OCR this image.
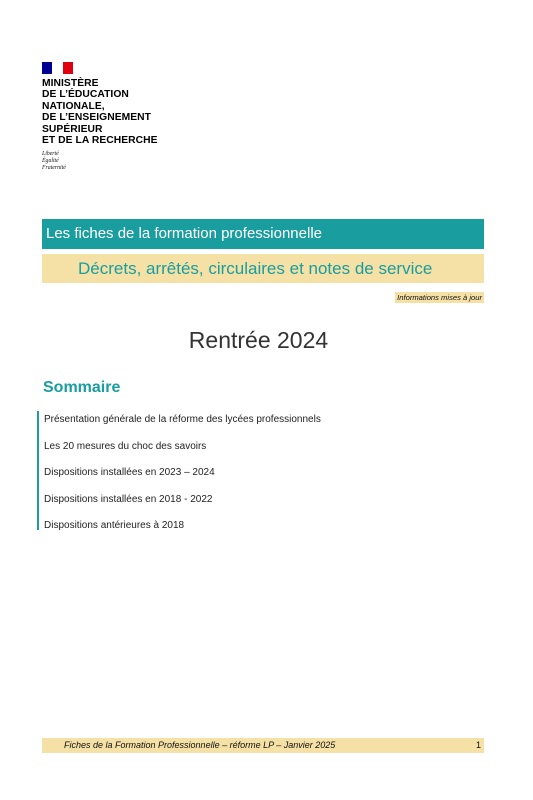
MINISTÈRE
DE L’ÉDUCATION
NATIONALE,
DE L’ENSEIGNEMENT
SUPÉRIEUR
ET DE LA RECHERCHE
Liberté
Égalité
Fraternité
Les fiches de la formation professionnelle
Décrets, arrêtés, circulaires et notes de service
Informations mises à jour
Rentrée 2024
Sommaire
Présentation générale de la réforme des lycées professionnels
Les 20 mesures du choc des savoirs
Dispositions installées en 2023 – 2024
Dispositions installées en 2018 - 2022
Dispositions antérieures à 2018
Fiches de la Formation Professionnelle – réforme LP – Janvier 2025	1
